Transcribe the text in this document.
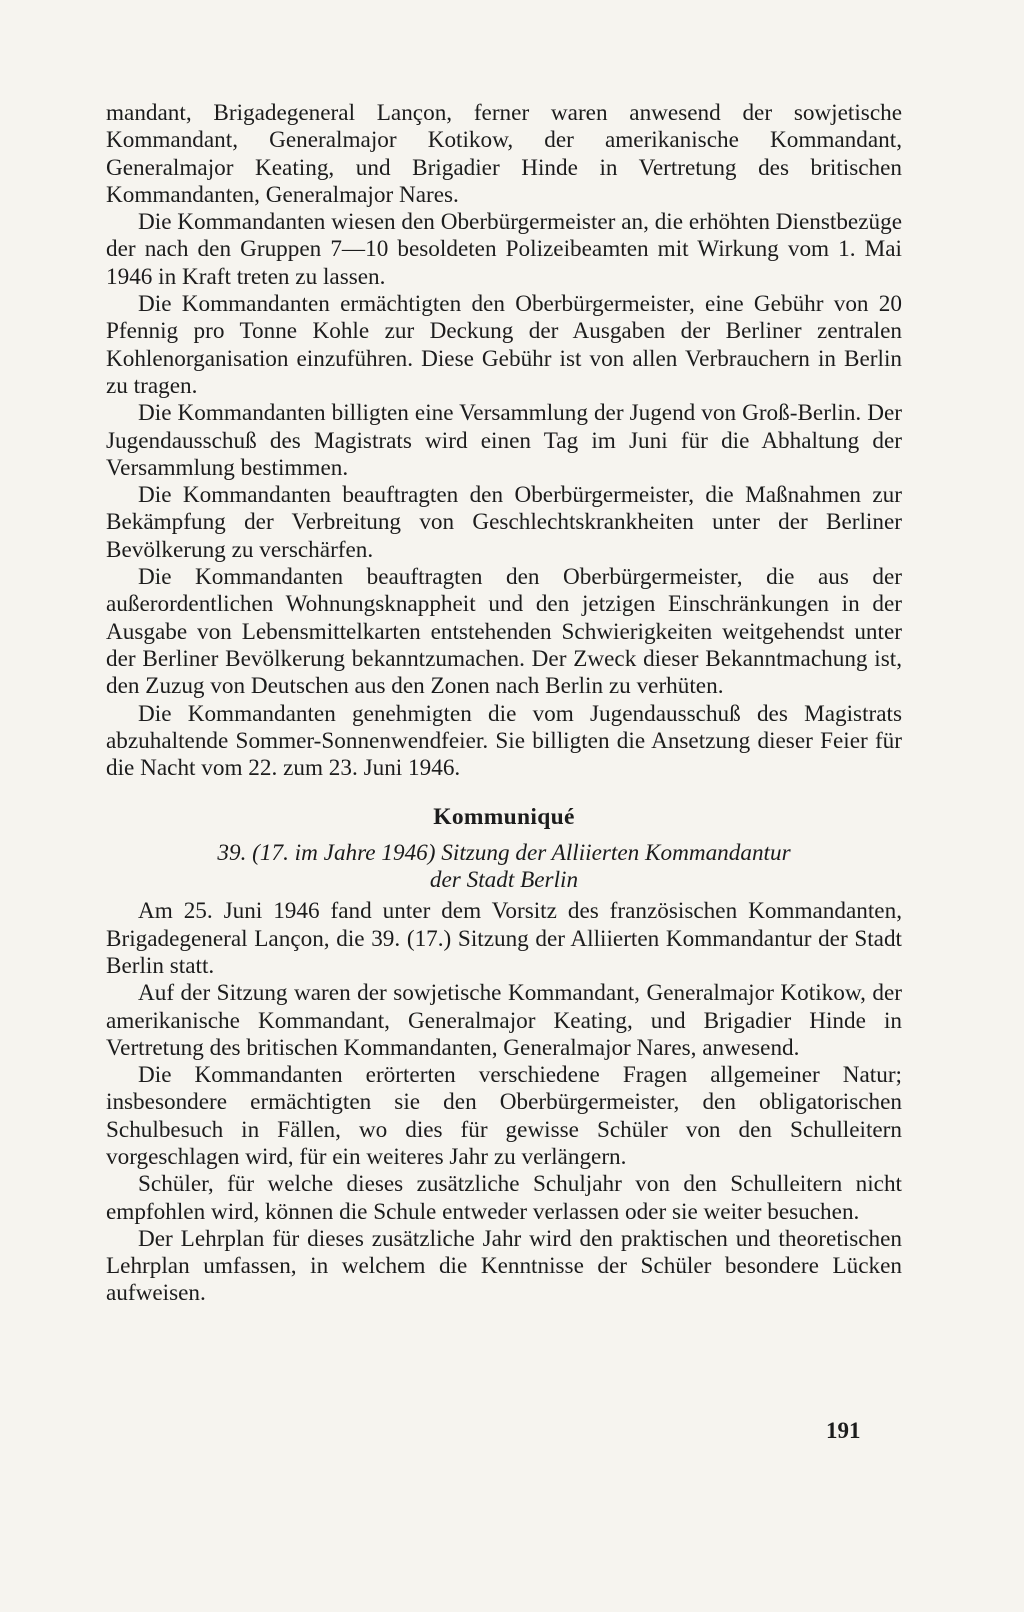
mandant, Brigadegeneral Lançon, ferner waren anwesend der sowjetische Kommandant, Generalmajor Kotikow, der amerikanische Kommandant, Generalmajor Keating, und Brigadier Hinde in Vertretung des britischen Kommandanten, Generalmajor Nares.

Die Kommandanten wiesen den Oberbürgermeister an, die erhöhten Dienstbezüge der nach den Gruppen 7—10 besoldeten Polizeibeamten mit Wirkung vom 1. Mai 1946 in Kraft treten zu lassen.

Die Kommandanten ermächtigten den Oberbürgermeister, eine Gebühr von 20 Pfennig pro Tonne Kohle zur Deckung der Ausgaben der Berliner zentralen Kohlenorganisation einzuführen. Diese Gebühr ist von allen Verbrauchern in Berlin zu tragen.

Die Kommandanten billigten eine Versammlung der Jugend von Groß-Berlin. Der Jugendausschuß des Magistrats wird einen Tag im Juni für die Abhaltung der Versammlung bestimmen.

Die Kommandanten beauftragten den Oberbürgermeister, die Maßnahmen zur Bekämpfung der Verbreitung von Geschlechtskrankheiten unter der Berliner Bevölkerung zu verschärfen.

Die Kommandanten beauftragten den Oberbürgermeister, die aus der außerordentlichen Wohnungsknappheit und den jetzigen Einschränkungen in der Ausgabe von Lebensmittelkarten entstehenden Schwierigkeiten weitgehendst unter der Berliner Bevölkerung bekanntzumachen. Der Zweck dieser Bekanntmachung ist, den Zuzug von Deutschen aus den Zonen nach Berlin zu verhüten.

Die Kommandanten genehmigten die vom Jugendausschuß des Magistrats abzuhaltende Sommer-Sonnenwendfeier. Sie billigten die Ansetzung dieser Feier für die Nacht vom 22. zum 23. Juni 1946.

Kommuniqué
39. (17. im Jahre 1946) Sitzung der Alliierten Kommandantur
der Stadt Berlin

Am 25. Juni 1946 fand unter dem Vorsitz des französischen Kommandanten, Brigadegeneral Lançon, die 39. (17.) Sitzung der Alliierten Kommandantur der Stadt Berlin statt.

Auf der Sitzung waren der sowjetische Kommandant, Generalmajor Kotikow, der amerikanische Kommandant, Generalmajor Keating, und Brigadier Hinde in Vertretung des britischen Kommandanten, Generalmajor Nares, anwesend.

Die Kommandanten erörterten verschiedene Fragen allgemeiner Natur; insbesondere ermächtigten sie den Oberbürgermeister, den obligatorischen Schulbesuch in Fällen, wo dies für gewisse Schüler von den Schulleitern vorgeschlagen wird, für ein weiteres Jahr zu verlängern.

Schüler, für welche dieses zusätzliche Schuljahr von den Schulleitern nicht empfohlen wird, können die Schule entweder verlassen oder sie weiter besuchen.

Der Lehrplan für dieses zusätzliche Jahr wird den praktischen und theoretischen Lehrplan umfassen, in welchem die Kenntnisse der Schüler besondere Lücken aufweisen.

191
